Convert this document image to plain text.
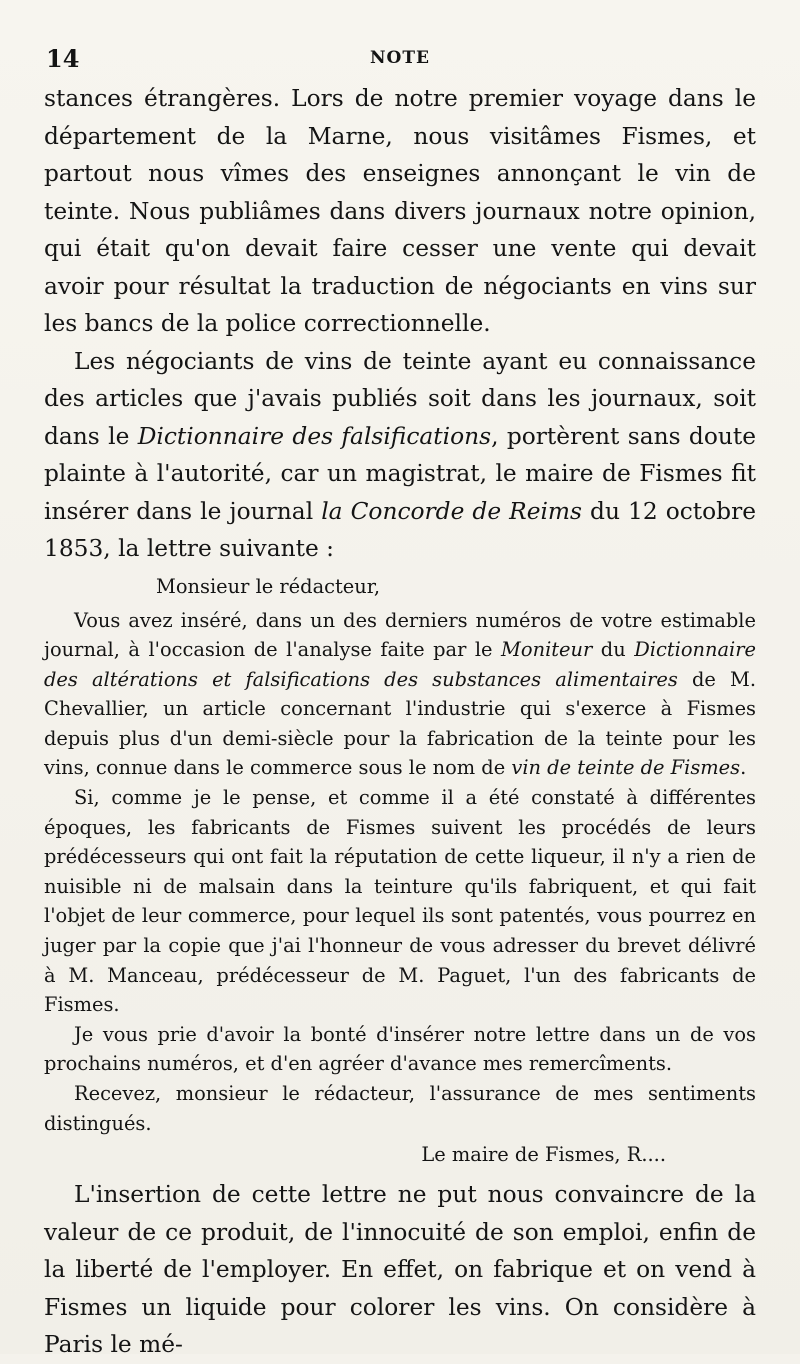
14	NOTE

stances étrangères. Lors de notre premier voyage dans le département de la Marne, nous visitâmes Fismes, et partout nous vîmes des enseignes annonçant le vin de teinte. Nous publiâmes dans divers journaux notre opinion, qui était qu'on devait faire cesser une vente qui devait avoir pour résultat la traduction de négociants en vins sur les bancs de la police correctionnelle.

Les négociants de vins de teinte ayant eu connaissance des articles que j'avais publiés soit dans les journaux, soit dans le Dictionnaire des falsifications, portèrent sans doute plainte à l'autorité, car un magistrat, le maire de Fismes fit insérer dans le journal la Concorde de Reims du 12 octobre 1853, la lettre suivante :

Monsieur le rédacteur,

Vous avez inséré, dans un des derniers numéros de votre estimable journal, à l'occasion de l'analyse faite par le Moniteur du Dictionnaire des altérations et falsifications des substances alimentaires de M. Chevallier, un article concernant l'industrie qui s'exerce à Fismes depuis plus d'un demi-siècle pour la fabrication de la teinte pour les vins, connue dans le commerce sous le nom de vin de teinte de Fismes.

Si, comme je le pense, et comme il a été constaté à différentes époques, les fabricants de Fismes suivent les procédés de leurs prédécesseurs qui ont fait la réputation de cette liqueur, il n'y a rien de nuisible ni de malsain dans la teinture qu'ils fabriquent, et qui fait l'objet de leur commerce, pour lequel ils sont patentés, vous pourrez en juger par la copie que j'ai l'honneur de vous adresser du brevet délivré à M. Manceau, prédécesseur de M. Paguet, l'un des fabricants de Fismes.

Je vous prie d'avoir la bonté d'insérer notre lettre dans un de vos prochains numéros, et d'en agréer d'avance mes remercîments.

Recevez, monsieur le rédacteur, l'assurance de mes sentiments distingués.

Le maire de Fismes, R....

L'insertion de cette lettre ne put nous convaincre de la valeur de ce produit, de l'innocuité de son emploi, enfin de la liberté de l'employer. En effet, on fabrique et on vend à Fismes un liquide pour colorer les vins. On considère à Paris le mé-
